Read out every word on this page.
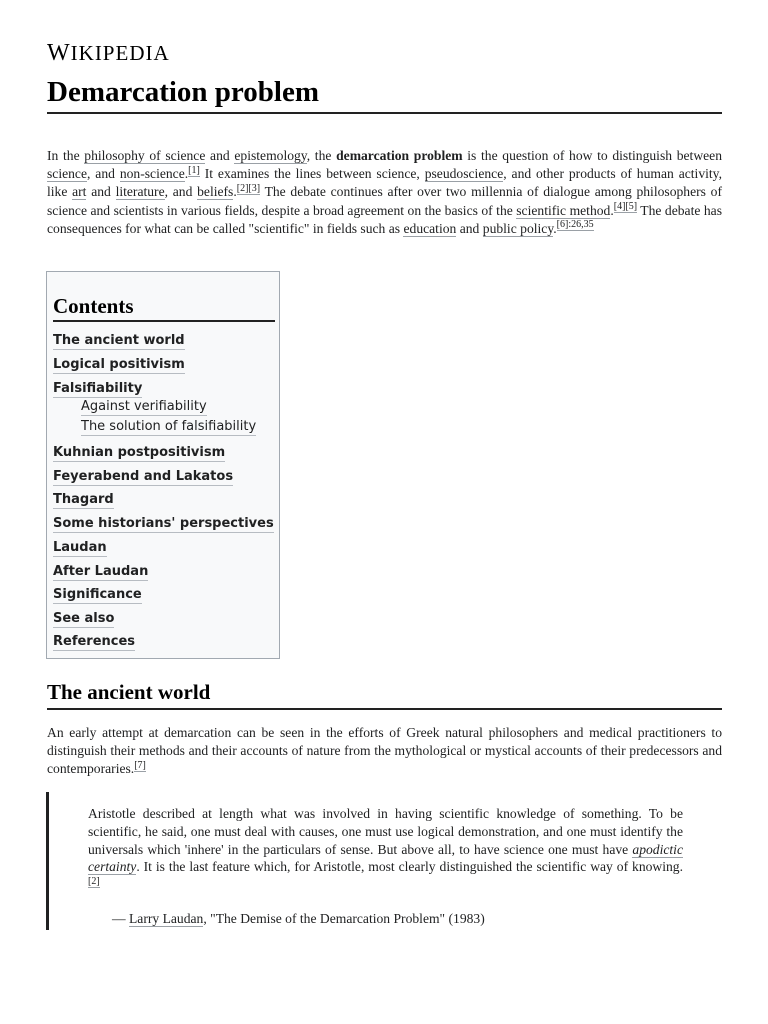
WIKIPEDIA
Demarcation problem

In the philosophy of science and epistemology, the demarcation problem is the question of how to distinguish between science, and non-science.[1] It examines the lines between science, pseudoscience, and other products of human activity, like art and literature, and beliefs.[2][3] The debate continues after over two millennia of dialogue among philosophers of science and scientists in various fields, despite a broad agreement on the basics of the scientific method.[4][5] The debate has consequences for what can be called "scientific" in fields such as education and public policy.$^{[6]:26,35}$

Contents
The ancient world
Logical positivism
Falsifiability
Against verifiability
The solution of falsifiability
Kuhnian postpositivism
Feyerabend and Lakatos
Thagard
Some historians' perspectives
Laudan
After Laudan
Significance
See also
References
The ancient world

An early attempt at demarcation can be seen in the efforts of Greek natural philosophers and medical practitioners to distinguish their methods and their accounts of nature from the mythological or mystical accounts of their predecessors and contemporaries.[7]

Aristotle described at length what was involved in having scientific knowledge of something. To be scientific, he said, one must deal with causes, one must use logical demonstration, and one must identify the universals which 'inhere' in the particulars of sense. But above all, to have science one must have apodictic certainty. It is the last feature which, for Aristotle, most clearly distinguished the scientific way of knowing.[2]

— Larry Laudan, "The Demise of the Demarcation Problem" (1983)
